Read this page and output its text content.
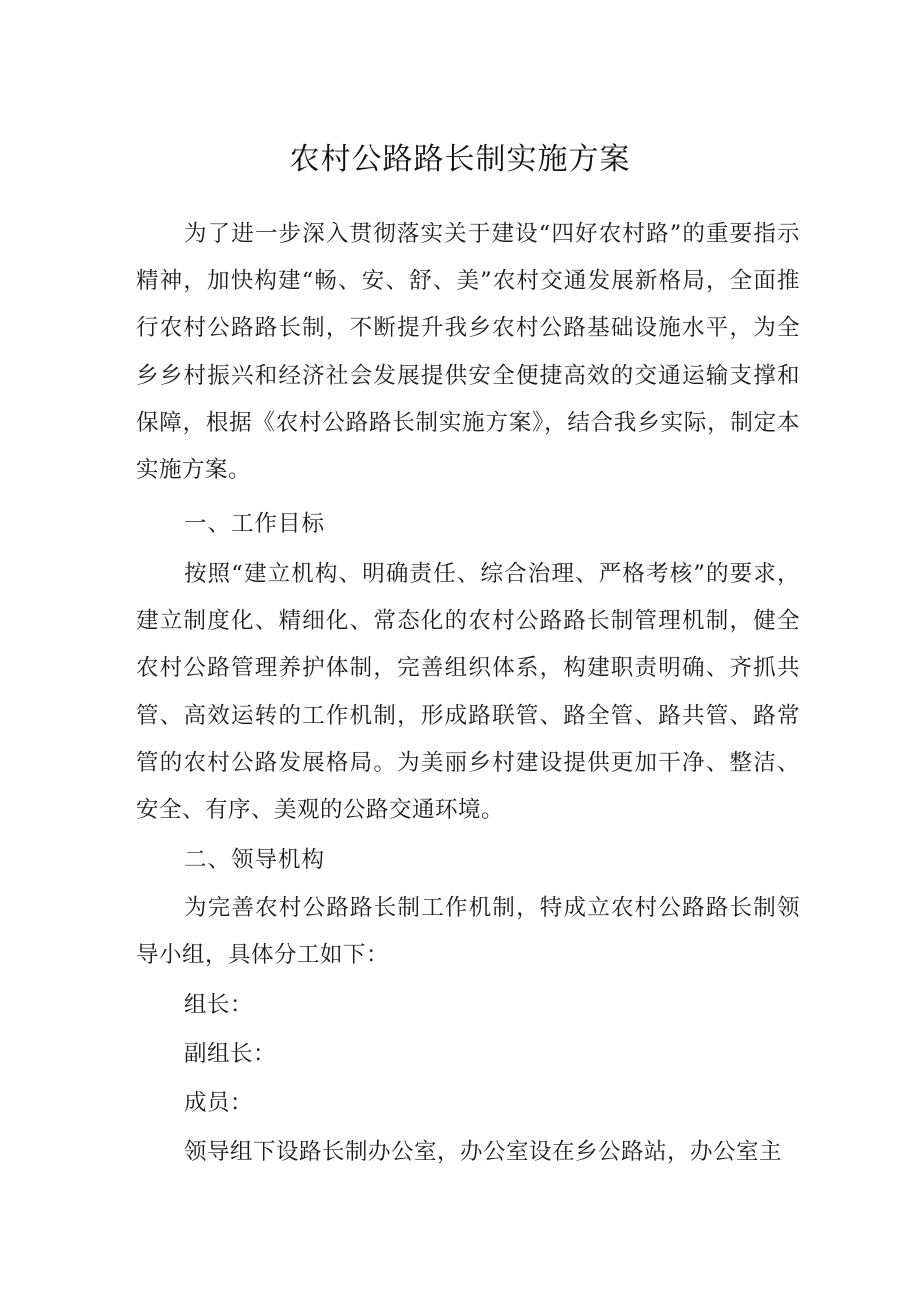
农村公路路长制实施方案

为了进一步深入贯彻落实关于建设“四好农村路”的重要指示精神，加快构建“畅、安、舒、美”农村交通发展新格局，全面推行农村公路路长制，不断提升我乡农村公路基础设施水平，为全乡乡村振兴和经济社会发展提供安全便捷高效的交通运输支撑和保障，根据《农村公路路长制实施方案》，结合我乡实际，制定本实施方案。

一、工作目标

按照“建立机构、明确责任、综合治理、严格考核”的要求，建立制度化、精细化、常态化的农村公路路长制管理机制，健全农村公路管理养护体制，完善组织体系，构建职责明确、齐抓共管、高效运转的工作机制，形成路联管、路全管、路共管、路常管的农村公路发展格局。为美丽乡村建设提供更加干净、整洁、安全、有序、美观的公路交通环境。

二、领导机构

为完善农村公路路长制工作机制，特成立农村公路路长制领导小组，具体分工如下：

组长：

副组长：

成员：

领导组下设路长制办公室，办公室设在乡公路站，办公室主
